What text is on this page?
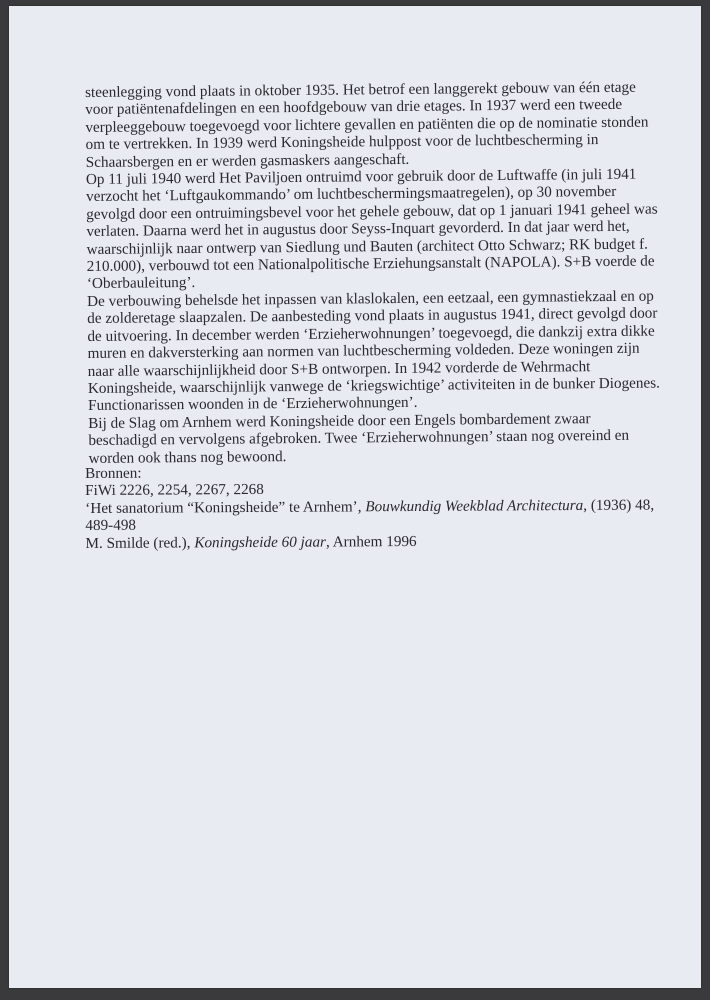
steenlegging vond plaats in oktober 1935. Het betrof een langgerekt gebouw van één etage
voor patiëntenafdelingen en een hoofdgebouw van drie etages. In 1937 werd een tweede
verpleeggebouw toegevoegd voor lichtere gevallen en patiënten die op de nominatie stonden
om te vertrekken. In 1939 werd Koningsheide hulppost voor de luchtbescherming in
Schaarsbergen en er werden gasmaskers aangeschaft.
Op 11 juli 1940 werd Het Paviljoen ontruimd voor gebruik door de Luftwaffe (in juli 1941
verzocht het ‘Luftgaukommando’ om luchtbeschermingsmaatregelen), op 30 november
gevolgd door een ontruimingsbevel voor het gehele gebouw, dat op 1 januari 1941 geheel was
verlaten. Daarna werd het in augustus door Seyss-Inquart gevorderd. In dat jaar werd het,
waarschijnlijk naar ontwerp van Siedlung und Bauten (architect Otto Schwarz; RK budget f.
210.000), verbouwd tot een Nationalpolitische Erziehungsanstalt (NAPOLA). S+B voerde de
‘Oberbauleitung’.
De verbouwing behelsde het inpassen van klaslokalen, een eetzaal, een gymnastiekzaal en op
de zolderetage slaapzalen. De aanbesteding vond plaats in augustus 1941, direct gevolgd door
de uitvoering. In december werden ‘Erzieherwohnungen’ toegevoegd, die dankzij extra dikke
muren en dakversterking aan normen van luchtbescherming voldeden. Deze woningen zijn
naar alle waarschijnlijkheid door S+B ontworpen. In 1942 vorderde de Wehrmacht
Koningsheide, waarschijnlijk vanwege de ‘kriegswichtige’ activiteiten in de bunker Diogenes.
Functionarissen woonden in de ‘Erzieherwohnungen’.
Bij de Slag om Arnhem werd Koningsheide door een Engels bombardement zwaar
beschadigd en vervolgens afgebroken. Twee ‘Erzieherwohnungen’ staan nog overeind en
worden ook thans nog bewoond.
Bronnen:
FiWi 2226, 2254, 2267, 2268
‘Het sanatorium “Koningsheide” te Arnhem’, Bouwkundig Weekblad Architectura, (1936) 48,
489-498
M. Smilde (red.), Koningsheide 60 jaar, Arnhem 1996
